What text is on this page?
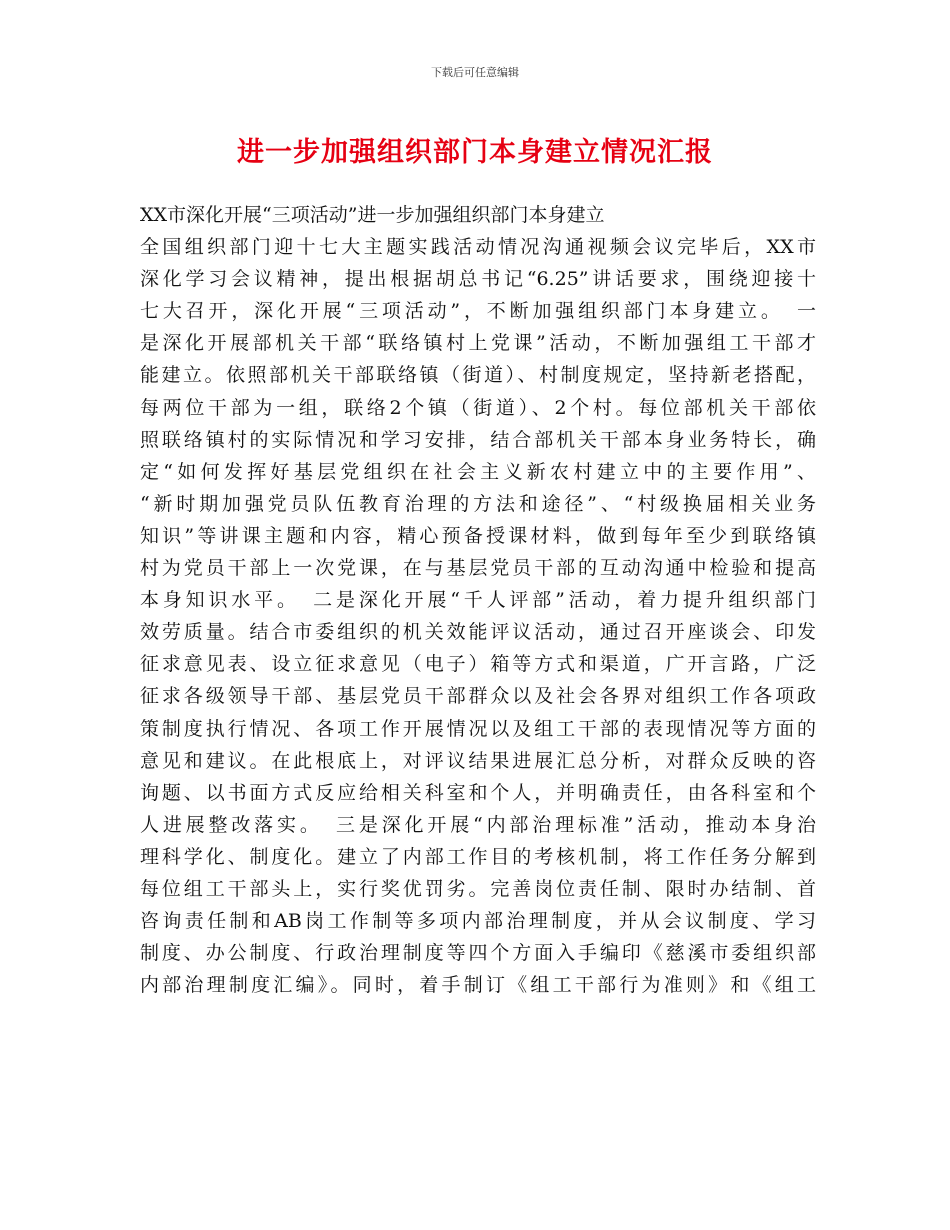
下载后可任意编辑
进一步加强组织部门本身建立情况汇报
XX市深化开展“三项活动”进一步加强组织部门本身建立
全国组织部门迎十七大主题实践活动情况沟通视频会议完毕后，XX市
深化学习会议精神，提出根据胡总书记“6.25”讲话要求，围绕迎接十
七大召开，深化开展“三项活动”，不断加强组织部门本身建立。　一
是深化开展部机关干部“联络镇村上党课”活动，不断加强组工干部才
能建立。依照部机关干部联络镇（街道）、村制度规定，坚持新老搭配，
每两位干部为一组，联络2个镇（街道）、2个村。每位部机关干部依
照联络镇村的实际情况和学习安排，结合部机关干部本身业务特长，确
定“如何发挥好基层党组织在社会主义新农村建立中的主要作用”、
“新时期加强党员队伍教育治理的方法和途径”、“村级换届相关业务
知识”等讲课主题和内容，精心预备授课材料，做到每年至少到联络镇
村为党员干部上一次党课，在与基层党员干部的互动沟通中检验和提高
本身知识水平。　二是深化开展“千人评部”活动，着力提升组织部门
效劳质量。结合市委组织的机关效能评议活动，通过召开座谈会、印发
征求意见表、设立征求意见（电子）箱等方式和渠道，广开言路，广泛
征求各级领导干部、基层党员干部群众以及社会各界对组织工作各项政
策制度执行情况、各项工作开展情况以及组工干部的表现情况等方面的
意见和建议。在此根底上，对评议结果进展汇总分析，对群众反映的咨
询题、以书面方式反应给相关科室和个人，并明确责任，由各科室和个
人进展整改落实。　三是深化开展“内部治理标准”活动，推动本身治
理科学化、制度化。建立了内部工作目的考核机制，将工作任务分解到
每位组工干部头上，实行奖优罚劣。完善岗位责任制、限时办结制、首
咨询责任制和AB岗工作制等多项内部治理制度，并从会议制度、学习
制度、办公制度、行政治理制度等四个方面入手编印《慈溪市委组织部
内部治理制度汇编》。同时，着手制订《组工干部行为准则》和《组工
